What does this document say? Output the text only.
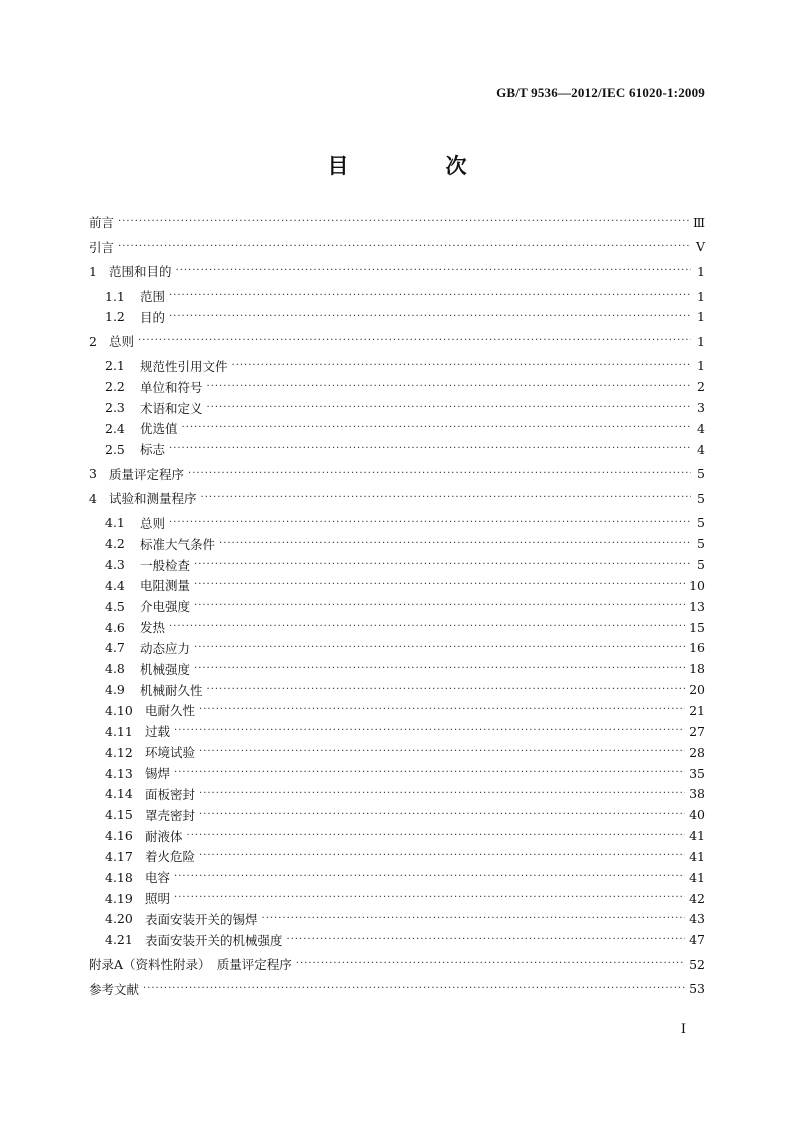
GB/T 9536—2012/IEC 61020-1:2009
目　次
前言 ·····	Ⅲ
引言 ·····	Ⅴ
1 范围和目的 ·····	1
1.1	范围 ·····	1
1.2	目的 ·····	1
2 总则 ·····	1
2.1	规范性引用文件 ·····	1
2.2	单位和符号 ·····	2
2.3	术语和定义 ·····	3
2.4	优选值 ·····	4
2.5	标志 ·····	4
3 质量评定程序 ·····	5
4 试验和测量程序 ·····	5
4.1	总则 ·····	5
4.2	标准大气条件 ·····	5
4.3	一般检查 ·····	5
4.4	电阻测量 ·····	10
4.5	介电强度 ·····	13
4.6	发热 ·····	15
4.7	动态应力 ·····	16
4.8	机械强度 ·····	18
4.9	机械耐久性 ·····	20
4.10 电耐久性 ·····	21
4.11 过载 ·····	27
4.12 环境试验 ·····	28
4.13 锡焊 ·····	35
4.14 面板密封 ·····	38
4.15 罩壳密封 ·····	40
4.16 耐液体 ·····	41
4.17 着火危险 ·····	41
4.18 电容 ·····	41
4.19 照明 ·····	42
4.20 表面安装开关的锡焊 ·····	43
4.21 表面安装开关的机械强度 ·····	47
附录A（资料性附录）　质量评定程序 ·····	52
参考文献 ·····	53
Ⅰ
